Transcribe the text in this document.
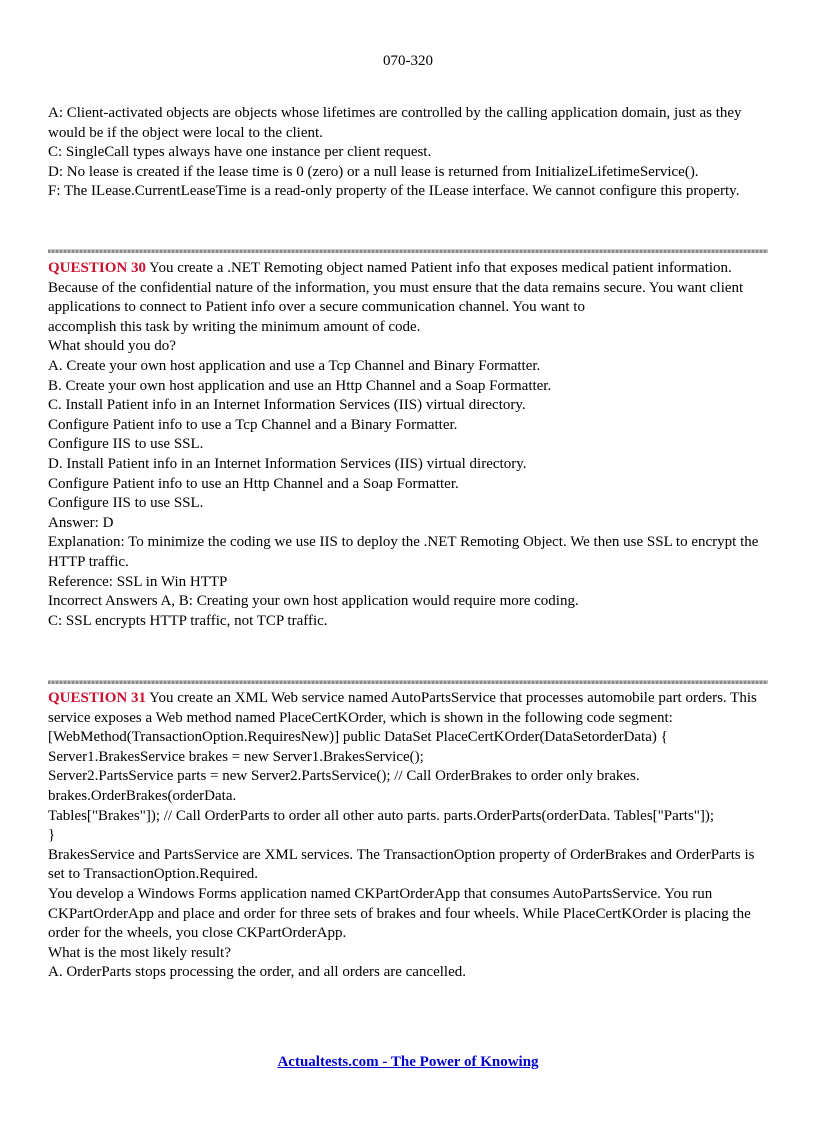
070-320

A: Client-activated objects are objects whose lifetimes are controlled by the calling application domain, just as they would be if the object were local to the client.

C: SingleCall types always have one instance per client request.

D: No lease is created if the lease time is 0 (zero) or a null lease is returned from InitializeLifetimeService().

F: The ILease.CurrentLeaseTime is a read-only property of the ILease interface. We cannot configure this property.

QUESTION 30 You create a .NET Remoting object named Patient info that exposes medical patient information. Because of the confidential nature of the information, you must ensure that the data remains secure. You want client applications to connect to Patient info over a secure communication channel. You want to

accomplish this task by writing the minimum amount of code.

What should you do?

A. Create your own host application and use a Tcp Channel and Binary Formatter.

B. Create your own host application and use an Http Channel and a Soap Formatter.

C. Install Patient info in an Internet Information Services (IIS) virtual directory.

Configure Patient info to use a Tcp Channel and a Binary Formatter.

Configure IIS to use SSL.

D. Install Patient info in an Internet Information Services (IIS) virtual directory.

Configure Patient info to use an Http Channel and a Soap Formatter.

Configure IIS to use SSL.

Answer: D

Explanation: To minimize the coding we use IIS to deploy the .NET Remoting Object. We then use SSL to encrypt the HTTP traffic.

Reference: SSL in Win HTTP

Incorrect Answers A, B: Creating your own host application would require more coding.

C: SSL encrypts HTTP traffic, not TCP traffic.

QUESTION 31 You create an XML Web service named AutoPartsService that processes automobile part orders. This service exposes a Web method named PlaceCertKOrder, which is shown in the following code segment:

[WebMethod(TransactionOption.RequiresNew)] public DataSet PlaceCertKOrder(DataSetorderData) {

Server1.BrakesService brakes = new Server1.BrakesService();

Server2.PartsService parts = new Server2.PartsService(); // Call OrderBrakes to order only brakes.

brakes.OrderBrakes(orderData.

Tables["Brakes"]); // Call OrderParts to order all other auto parts. parts.OrderParts(orderData. Tables["Parts"]);

}

BrakesService and PartsService are XML services. The TransactionOption property of OrderBrakes and OrderParts is set to TransactionOption.Required.

You develop a Windows Forms application named CKPartOrderApp that consumes AutoPartsService. You run CKPartOrderApp and place and order for three sets of brakes and four wheels. While PlaceCertKOrder is placing the order for the wheels, you close CKPartOrderApp.

What is the most likely result?

A. OrderParts stops processing the order, and all orders are cancelled.

Actualtests.com - The Power of Knowing
